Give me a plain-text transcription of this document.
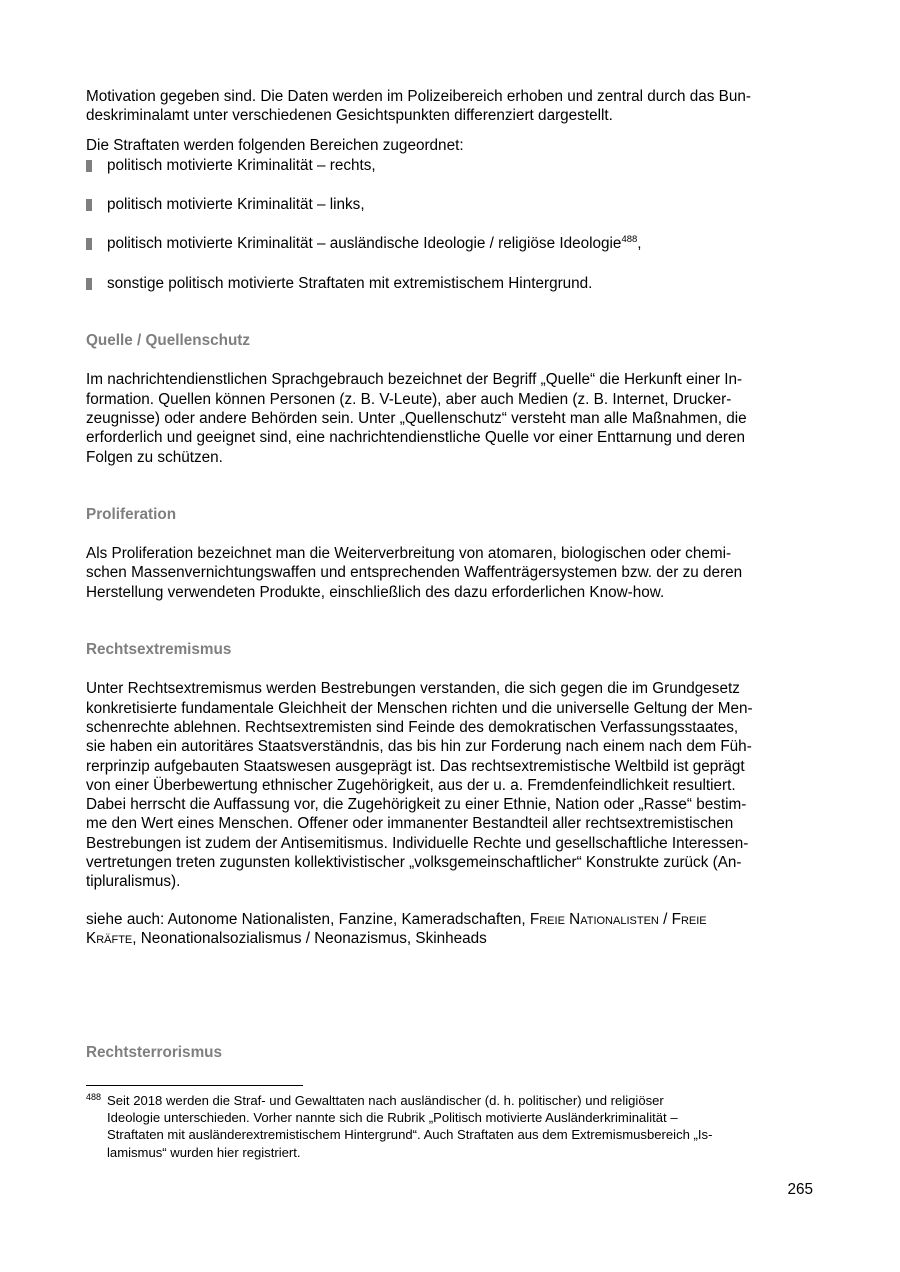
Motivation gegeben sind. Die Daten werden im Polizeibereich erhoben und zentral durch das Bun-
deskriminalamt unter verschiedenen Gesichtspunkten differenziert dargestellt.

Die Straftaten werden folgenden Bereichen zugeordnet:

politisch motivierte Kriminalität – rechts,
politisch motivierte Kriminalität – links,
politisch motivierte Kriminalität – ausländische Ideologie / religiöse Ideologie$^{488}$,
sonstige politisch motivierte Straftaten mit extremistischem Hintergrund.
Quelle / Quellenschutz

Im nachrichtendienstlichen Sprachgebrauch bezeichnet der Begriff „Quelle“ die Herkunft einer In-
formation. Quellen können Personen (z. B. V-Leute), aber auch Medien (z. B. Internet, Drucker-
zeugnisse) oder andere Behörden sein. Unter „Quellenschutz“ versteht man alle Maßnahmen, die
erforderlich und geeignet sind, eine nachrichtendienstliche Quelle vor einer Enttarnung und deren
Folgen zu schützen.

Proliferation

Als Proliferation bezeichnet man die Weiterverbreitung von atomaren, biologischen oder chemi-
schen Massenvernichtungswaffen und entsprechenden Waffenträgersystemen bzw. der zu deren
Herstellung verwendeten Produkte, einschließlich des dazu erforderlichen Know-how.

Rechtsextremismus

Unter Rechtsextremismus werden Bestrebungen verstanden, die sich gegen die im Grundgesetz
konkretisierte fundamentale Gleichheit der Menschen richten und die universelle Geltung der Men-
schenrechte ablehnen. Rechtsextremisten sind Feinde des demokratischen Verfassungsstaates,
sie haben ein autoritäres Staatsverständnis, das bis hin zur Forderung nach einem nach dem Füh-
rerprinzip aufgebauten Staatswesen ausgeprägt ist. Das rechtsextremistische Weltbild ist geprägt
von einer Überbewertung ethnischer Zugehörigkeit, aus der u. a. Fremdenfeindlichkeit resultiert.
Dabei herrscht die Auffassung vor, die Zugehörigkeit zu einer Ethnie, Nation oder „Rasse“ bestim-
me den Wert eines Menschen. Offener oder immanenter Bestandteil aller rechtsextremistischen
Bestrebungen ist zudem der Antisemitismus. Individuelle Rechte und gesellschaftliche Interessen-
vertretungen treten zugunsten kollektivistischer „volksgemeinschaftlicher“ Konstrukte zurück (An-
tipluralismus).

siehe auch: Autonome Nationalisten, Fanzine, Kameradschaften, Freie Nationalisten / Freie
Kräfte, Neonationalsozialismus / Neonazismus, Skinheads

Rechtsterrorismus
488 Seit 2018 werden die Straf- und Gewalttaten nach ausländischer (d. h. politischer) und religiöser
Ideologie unterschieden. Vorher nannte sich die Rubrik „Politisch motivierte Ausländerkriminalität –
Straftaten mit ausländerextremistischem Hintergrund“. Auch Straftaten aus dem Extremismusbereich „Is-
lamismus“ wurden hier registriert.
265
